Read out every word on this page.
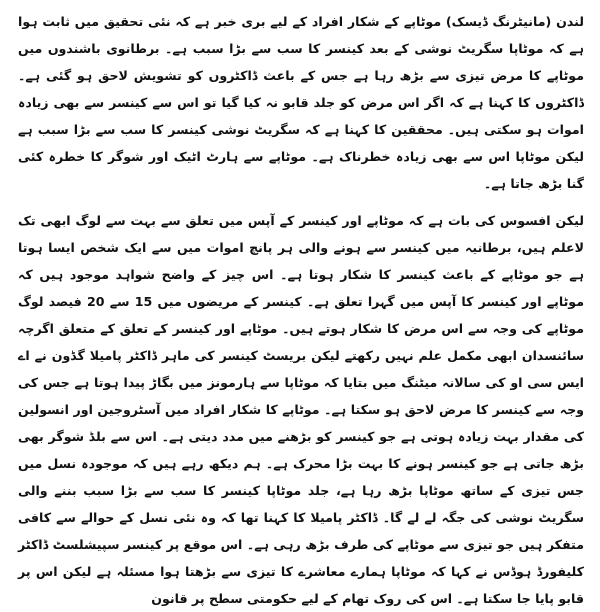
لندن (مانیٹرنگ ڈیسک) موٹاپے کے شکار افراد کے لیے بری خبر ہے کہ نئی تحقیق میں ثابت ہوا ہے کہ موٹاپا سگریٹ نوشی کے بعد کینسر کا سب سے بڑا سبب ہے۔ برطانوی باشندوں میں موٹاپے کا مرض تیزی سے بڑھ رہا ہے جس کے باعث ڈاکٹروں کو تشویش لاحق ہو گئی ہے۔ ڈاکٹروں کا کہنا ہے کہ اگر اس مرض کو جلد قابو نہ کیا گیا تو اس سے کینسر سے بھی زیادہ اموات ہو سکتی ہیں۔ محققین کا کہنا ہے کہ سگریٹ نوشی کینسر کا سب سے بڑا سبب ہے لیکن موٹاپا اس سے بھی زیادہ خطرناک ہے۔ موٹاپے سے ہارٹ اٹیک اور شوگر کا خطرہ کئی گنا بڑھ جاتا ہے۔

لیکن افسوس کی بات ہے کہ موٹاپے اور کینسر کے آپس میں تعلق سے بہت سے لوگ ابھی تک لاعلم ہیں، برطانیہ میں کینسر سے ہونے والی ہر پانچ اموات میں سے ایک شخص ایسا ہوتا ہے جو موٹاپے کے باعث کینسر کا شکار ہوتا ہے۔ اس چیز کے واضح شواہد موجود ہیں کہ موٹاپے اور کینسر کا آپس میں گہرا تعلق ہے۔ کینسر کے مریضوں میں 15 سے 20 فیصد لوگ موٹاپے کی وجہ سے اس مرض کا شکار ہوتے ہیں۔ موٹاپے اور کینسر کے تعلق کے متعلق اگرچہ سائنسدان ابھی مکمل علم نہیں رکھتے لیکن بریسٹ کینسر کی ماہر ڈاکٹر پامیلا گڈون نے اے ایس سی او کی سالانہ میٹنگ میں بتایا کہ موٹاپا سے ہارمونز میں بگاڑ پیدا ہوتا ہے جس کی وجہ سے کینسر کا مرض لاحق ہو سکتا ہے۔ موٹاپے کا شکار افراد میں آسٹروجین اور انسولین کی مقدار بہت زیادہ ہوتی ہے جو کینسر کو بڑھنے میں مدد دیتی ہے۔ اس سے بلڈ شوگر بھی بڑھ جاتی ہے جو کینسر ہونے کا بہت بڑا محرک ہے۔ ہم دیکھ رہے ہیں کہ موجودہ نسل میں جس تیزی کے ساتھ موٹاپا بڑھ رہا ہے، جلد موٹاپا کینسر کا سب سے بڑا سبب بننے والی سگریٹ نوشی کی جگہ لے لے گا۔ ڈاکٹر پامیلا کا کہنا تھا کہ وہ نئی نسل کے حوالے سے کافی متفکر ہیں جو تیزی سے موٹاپے کی طرف بڑھ رہی ہے۔ اس موقع پر کینسر سپیشلسٹ ڈاکٹر کلیفورڈ ہوڈس نے کہا کہ موٹاپا ہمارے معاشرے کا تیزی سے بڑھتا ہوا مسئلہ ہے لیکن اس پر قابو پایا جا سکتا ہے۔ اس کی روک تھام کے لیے حکومتی سطح پر قانون
